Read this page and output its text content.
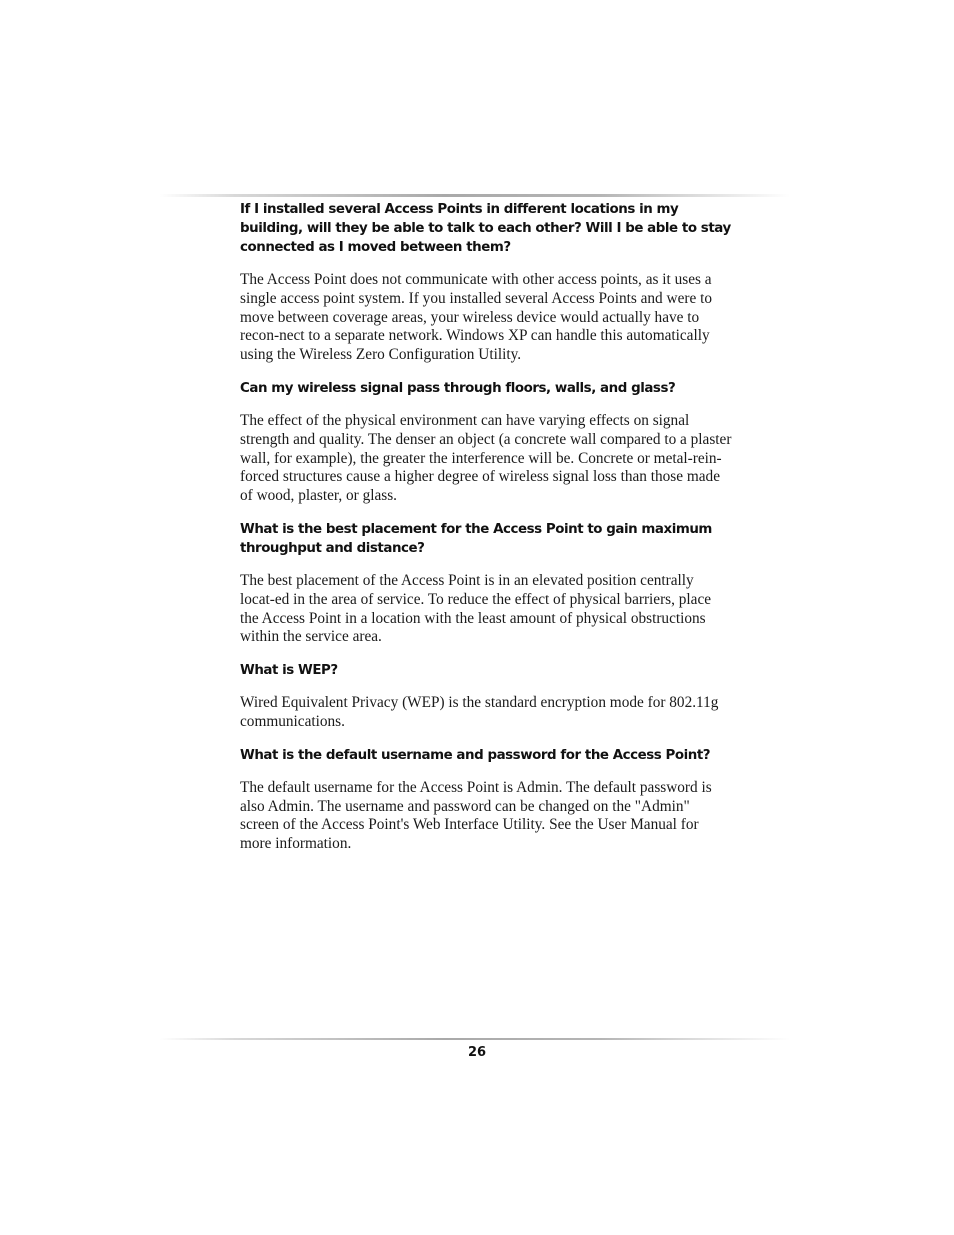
If I installed several Access Points in different locations in my building, will they be able to talk to each other? Will I be able to stay connected as I moved between them?

The Access Point does not communicate with other access points, as it uses a single access point system. If you installed several Access Points and were to move between coverage areas, your wireless device would actually have to recon-nect to a separate network. Windows XP can handle this automatically using the Wireless Zero Configuration Utility.

Can my wireless signal pass through floors, walls, and glass?

The effect of the physical environment can have varying effects on signal strength and quality. The denser an object (a concrete wall compared to a plaster wall, for example), the greater the interference will be. Concrete or metal-rein-forced structures cause a higher degree of wireless signal loss than those made of wood, plaster, or glass.

What is the best placement for the Access Point to gain maximum throughput and distance?

The best placement of the Access Point is in an elevated position centrally locat-ed in the area of service. To reduce the effect of physical barriers, place the Access Point in a location with the least amount of physical obstructions within the service area.

What is WEP?

Wired Equivalent Privacy (WEP) is the standard encryption mode for 802.11g communications.

What is the default username and password for the Access Point?

The default username for the Access Point is Admin. The default password is also Admin. The username and password can be changed on the "Admin" screen of the Access Point's Web Interface Utility. See the User Manual for more information.

26
